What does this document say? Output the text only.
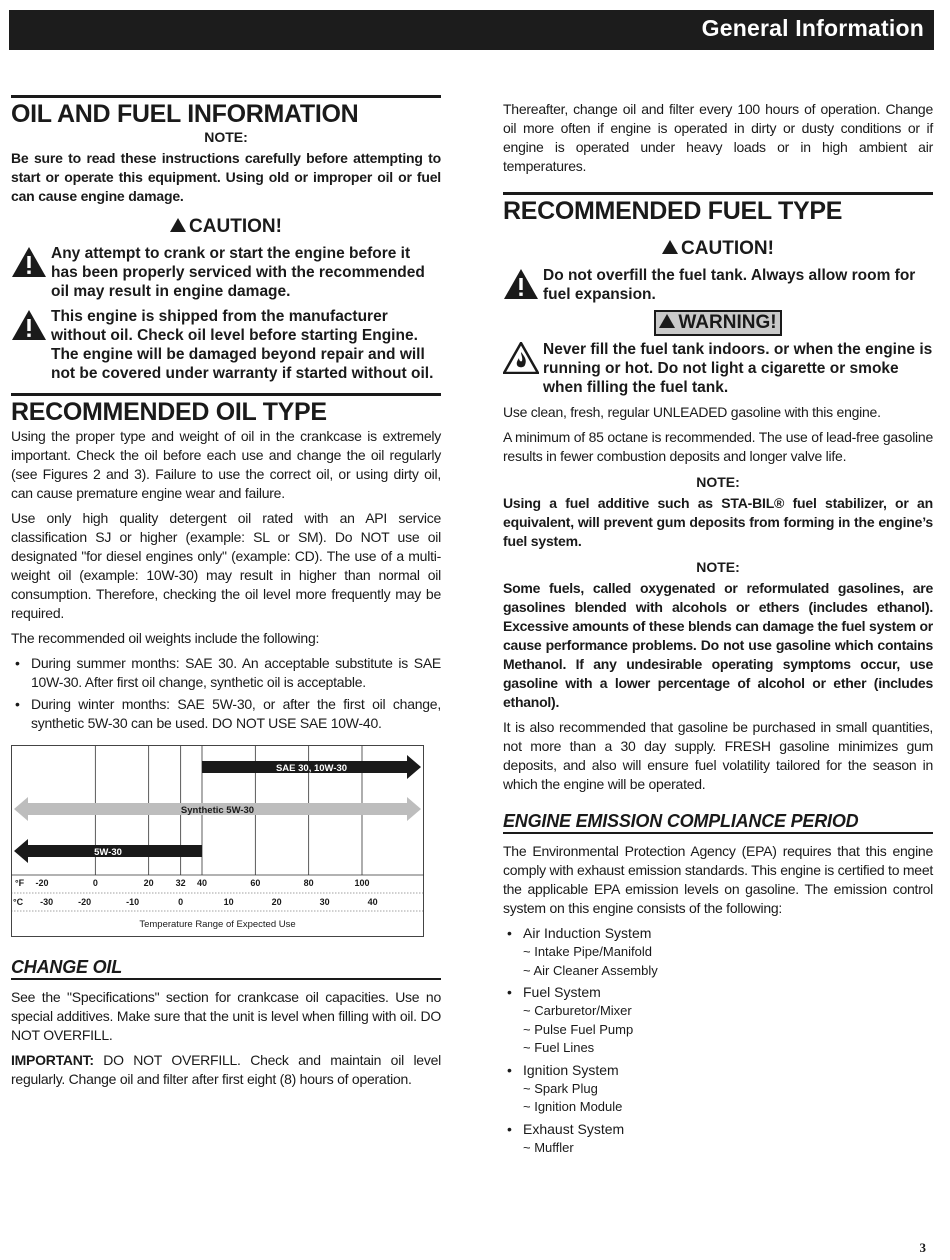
General Information
OIL AND FUEL INFORMATION
NOTE:

Be sure to read these instructions carefully before attempting to start or operate this equipment. Using old or improper oil or fuel can cause engine damage.

CAUTION!
Any attempt to crank or start the engine before it has been properly serviced with the recommended oil may result in engine damage.
This engine is shipped from the manufacturer without oil. Check oil level before starting Engine. The engine will be damaged beyond repair and will not be covered under warranty if started without oil.
RECOMMENDED OIL TYPE

Using the proper type and weight of oil in the crankcase is extremely important. Check the oil before each use and change the oil regularly (see Figures 2 and 3). Failure to use the correct oil, or using dirty oil, can cause premature engine wear and failure.

Use only high quality detergent oil rated with an API service classification SJ or higher (example: SL or SM). Do NOT use oil designated "for diesel engines only" (example: CD). The use of a multi-weight oil (example: 10W-30) may result in higher than normal oil consumption. Therefore, checking the oil level more frequently may be required.

The recommended oil weights include the following:

• During summer months: SAE 30. An acceptable substitute is SAE 10W-30. After first oil change, synthetic oil is acceptable.
• During winter months: SAE 5W-30, or after the first oil change, synthetic 5W-30 can be used. DO NOT USE SAE 10W-40.
SAE 30, 10W-30
Synthetic 5W-30
5W-30
°F -20	0	20 32 40	60	80	100
°C -30	-20	-10	0	10	20	30	40
Temperature Range of Expected Use
CHANGE OIL

See the "Specifications" section for crankcase oil capacities. Use no special additives. Make sure that the unit is level when filling with oil. DO NOT OVERFILL.

IMPORTANT: DO NOT OVERFILL. Check and maintain oil level regularly. Change oil and filter after first eight (8) hours of operation.

Thereafter, change oil and filter every 100 hours of operation. Change oil more often if engine is operated in dirty or dusty conditions or if engine is operated under heavy loads or in high ambient air temperatures.

RECOMMENDED FUEL TYPE
CAUTION!
Do not overfill the fuel tank. Always allow room for fuel expansion.
WARNING!
Never fill the fuel tank indoors. or when the engine is running or hot. Do not light a cigarette or smoke when filling the fuel tank.

Use clean, fresh, regular UNLEADED gasoline with this engine.

A minimum of 85 octane is recommended. The use of lead-free gasoline results in fewer combustion deposits and longer valve life.

NOTE:

Using a fuel additive such as STA-BIL® fuel stabilizer, or an equivalent, will prevent gum deposits from forming in the engine’s fuel system.

NOTE:

Some fuels, called oxygenated or reformulated gasolines, are gasolines blended with alcohols or ethers (includes ethanol). Excessive amounts of these blends can damage the fuel system or cause performance problems. Do not use gasoline which contains Methanol. If any undesirable operating symptoms occur, use gasoline with a lower percentage of alcohol or ether (includes ethanol).

It is also recommended that gasoline be purchased in small quantities, not more than a 30 day supply. FRESH gasoline minimizes gum deposits, and also will ensure fuel volatility tailored for the season in which the engine will be operated.

ENGINE EMISSION COMPLIANCE PERIOD

The Environmental Protection Agency (EPA) requires that this engine comply with exhaust emission standards. This engine is certified to meet the applicable EPA emission levels on gasoline. The emission control system on this engine consists of the following:

• Air Induction System
~ Intake Pipe/Manifold
~ Air Cleaner Assembly
• Fuel System
~ Carburetor/Mixer
~ Pulse Fuel Pump
~ Fuel Lines
• Ignition System
~ Spark Plug
~ Ignition Module
• Exhaust System
~ Muffler
3
